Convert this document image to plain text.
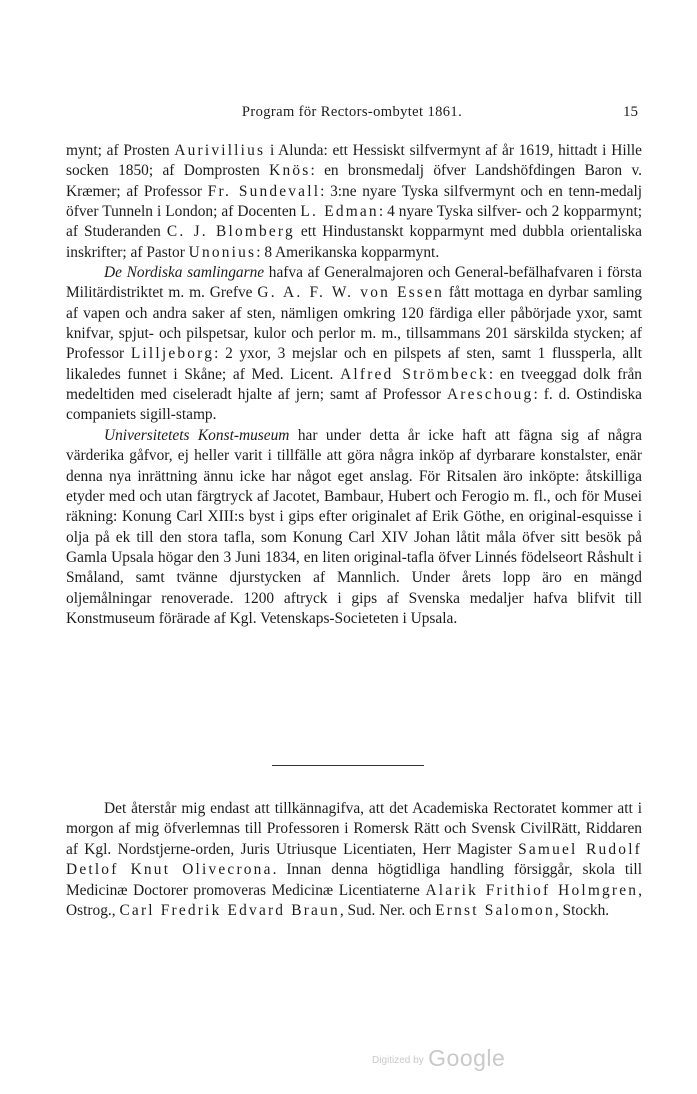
Program för Rectors-ombytet 1861.	15

mynt; af Prosten Aurivillius i Alunda: ett Hessiskt silfvermynt af år 1619, hittadt i Hille socken 1850; af Domprosten Knös: en bronsmedalj öfver Landshöfdingen Baron v. Kræmer; af Professor Fr. Sundevall: 3:ne nyare Tyska silfvermynt och en tenn-medalj öfver Tunneln i London; af Docenten L. Edman: 4 nyare Tyska silfver- och 2 kopparmynt; af Studeranden C. J. Blomberg ett Hindustanskt kopparmynt med dubbla orientaliska inskrifter; af Pastor Unonius: 8 Amerikanska kopparmynt.

De Nordiska samlingarne hafva af Generalmajoren och General-befälhafvaren i första Militärdistriktet m. m. Grefve G. A. F. W. von Essen fått mottaga en dyrbar samling af vapen och andra saker af sten, nämligen omkring 120 färdiga eller påbörjade yxor, samt knifvar, spjut- och pilspetsar, kulor och perlor m. m., tillsammans 201 särskilda stycken; af Professor Lilljeborg: 2 yxor, 3 mejslar och en pilspets af sten, samt 1 flussperla, allt likaledes funnet i Skåne; af Med. Licent. Alfred Strömbeck: en tveeggad dolk från medeltiden med ciseleradt hjalte af jern; samt af Professor Areschoug: f. d. Ostindiska companiets sigill-stamp.

Universitetets Konst-museum har under detta år icke haft att fägna sig af några värderika gåfvor, ej heller varit i tillfälle att göra några inköp af dyrbarare konstalster, enär denna nya inrättning ännu icke har något eget anslag. För Ritsalen äro inköpte: åtskilliga etyder med och utan färgtryck af Jacotet, Bambaur, Hubert och Ferogio m. fl., och för Musei räkning: Konung Carl XIII:s byst i gips efter originalet af Erik Göthe, en original-esquisse i olja på ek till den stora tafla, som Konung Carl XIV Johan låtit måla öfver sitt besök på Gamla Upsala högar den 3 Juni 1834, en liten original-tafla öfver Linnés födelseort Råshult i Småland, samt tvänne djurstycken af Mannlich. Under årets lopp äro en mängd oljemålningar renoverade. 1200 aftryck i gips af Svenska medaljer hafva blifvit till Konstmuseum förärade af Kgl. Vetenskaps-Societeten i Upsala.

Det återstår mig endast att tillkännagifva, att det Academiska Rectoratet kommer att i morgon af mig öfverlemnas till Professoren i Romersk Rätt och Svensk CivilRätt, Riddaren af Kgl. Nordstjerne-orden, Juris Utriusque Licentiaten, Herr Magister Samuel Rudolf Detlof Knut Olivecrona. Innan denna högtidliga handling försiggår, skola till Medicinæ Doctorer promoveras Medicinæ Licentiaterne Alarik Frithiof Holmgren, Ostrog., Carl Fredrik Edvard Braun, Sud. Ner. och Ernst Salomon, Stockh.

Digitized by Google
